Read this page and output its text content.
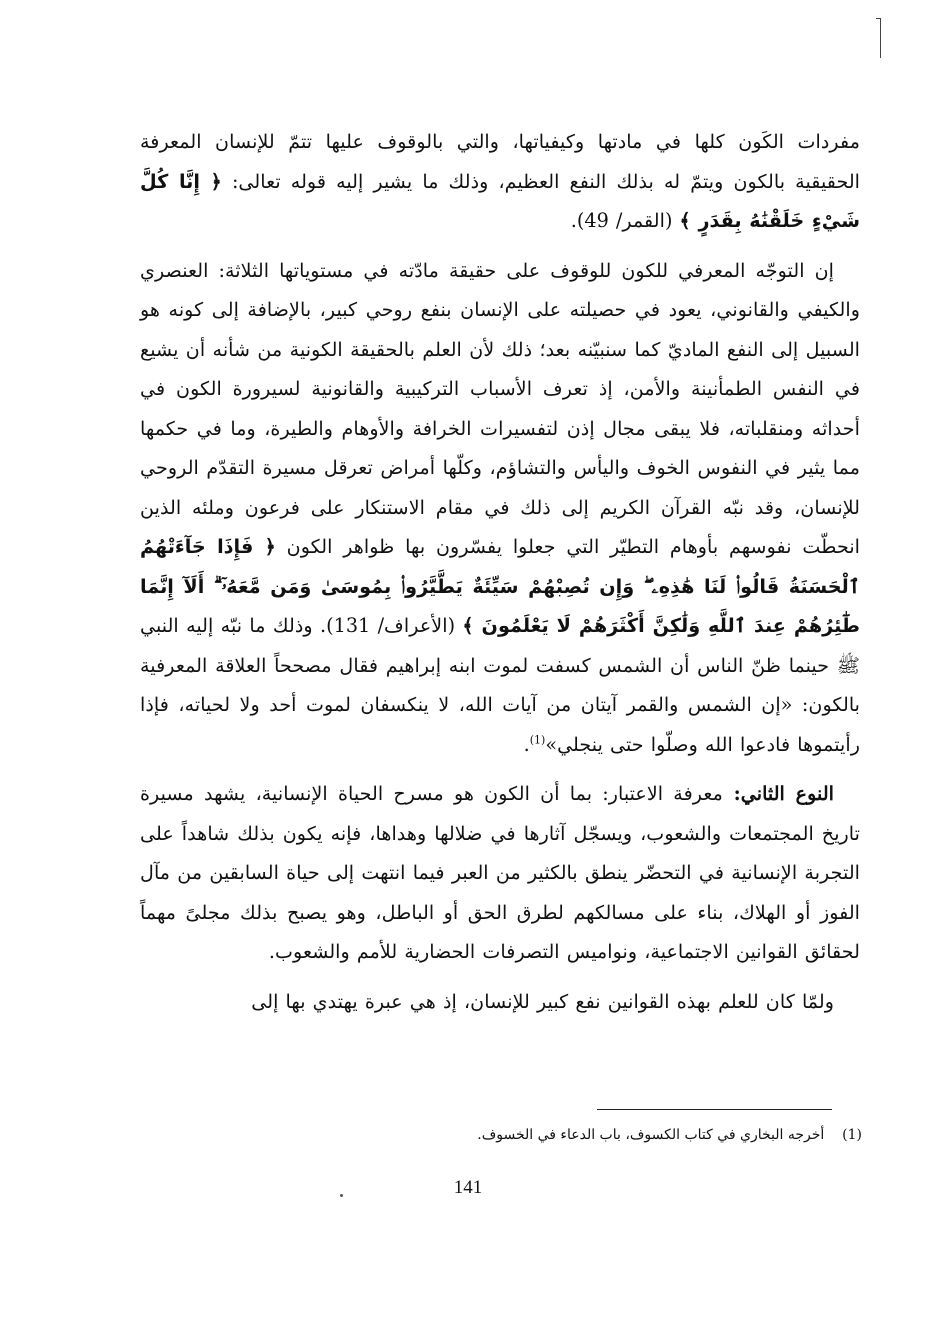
مفردات الكَون كلها في مادتها وكيفياتها، والتي بالوقوف عليها تتمّ للإنسان المعرفة الحقيقية بالكون ويتمّ له بذلك النفع العظيم، وذلك ما يشير إليه قوله تعالى: ﴿ إِنَّا كُلَّ شَيْءٍ خَلَقْنَٰهُ بِقَدَرٍ ﴾ (القمر/ 49).

إن التوجّه المعرفي للكون للوقوف على حقيقة مادّته في مستوياتها الثلاثة: العنصري والكيفي والقانوني، يعود في حصيلته على الإنسان بنفع روحي كبير، بالإضافة إلى كونه هو السبيل إلى النفع الماديّ كما سنبيّنه بعد؛ ذلك لأن العلم بالحقيقة الكونية من شأنه أن يشيع في النفس الطمأنينة والأمن، إذ تعرف الأسباب التركيبية والقانونية لسيرورة الكون في أحداثه ومنقلباته، فلا يبقى مجال إذن لتفسيرات الخرافة والأوهام والطيرة، وما في حكمها مما يثير في النفوس الخوف واليأس والتشاؤم، وكلّها أمراض تعرقل مسيرة التقدّم الروحي للإنسان، وقد نبّه القرآن الكريم إلى ذلك في مقام الاستنكار على فرعون وملئه الذين انحطّت نفوسهم بأوهام التطيّر التي جعلوا يفسّرون بها ظواهر الكون ﴿ فَإِذَا جَآءَتْهُمُ ٱلْحَسَنَةُ قَالُوا۟ لَنَا هَٰذِهِۦ ۖ وَإِن تُصِبْهُمْ سَيِّئَةٌ يَطَّيَّرُوا۟ بِمُوسَىٰ وَمَن مَّعَهُۥٓ ۗ أَلَآ إِنَّمَا طَٰٓئِرُهُمْ عِندَ ٱللَّهِ وَلَٰكِنَّ أَكْثَرَهُمْ لَا يَعْلَمُونَ ﴾ (الأعراف/ 131). وذلك ما نبّه إليه النبي ﷺ حينما ظنّ الناس أن الشمس كسفت لموت ابنه إبراهيم فقال مصححاً العلاقة المعرفية بالكون: «إن الشمس والقمر آيتان من آيات الله، لا ينكسفان لموت أحد ولا لحياته، فإذا رأيتموها فادعوا الله وصلّوا حتى ينجلي»$^{(1)}$.

النوع الثاني: معرفة الاعتبار: بما أن الكون هو مسرح الحياة الإنسانية، يشهد مسيرة تاريخ المجتمعات والشعوب، ويسجّل آثارها في ضلالها وهداها، فإنه يكون بذلك شاهداً على التجربة الإنسانية في التحضّر ينطق بالكثير من العبر فيما انتهت إلى حياة السابقين من مآل الفوز أو الهلاك، بناء على مسالكهم لطرق الحق أو الباطل، وهو يصبح بذلك مجلىً مهماً لحقائق القوانين الاجتماعية، ونواميس التصرفات الحضارية للأمم والشعوب.

ولمّا كان للعلم بهذه القوانين نفع كبير للإنسان، إذ هي عبرة يهتدي بها إلى

(1)    أخرجه البخاري في كتاب الكسوف، باب الدعاء في الخسوف.
141
